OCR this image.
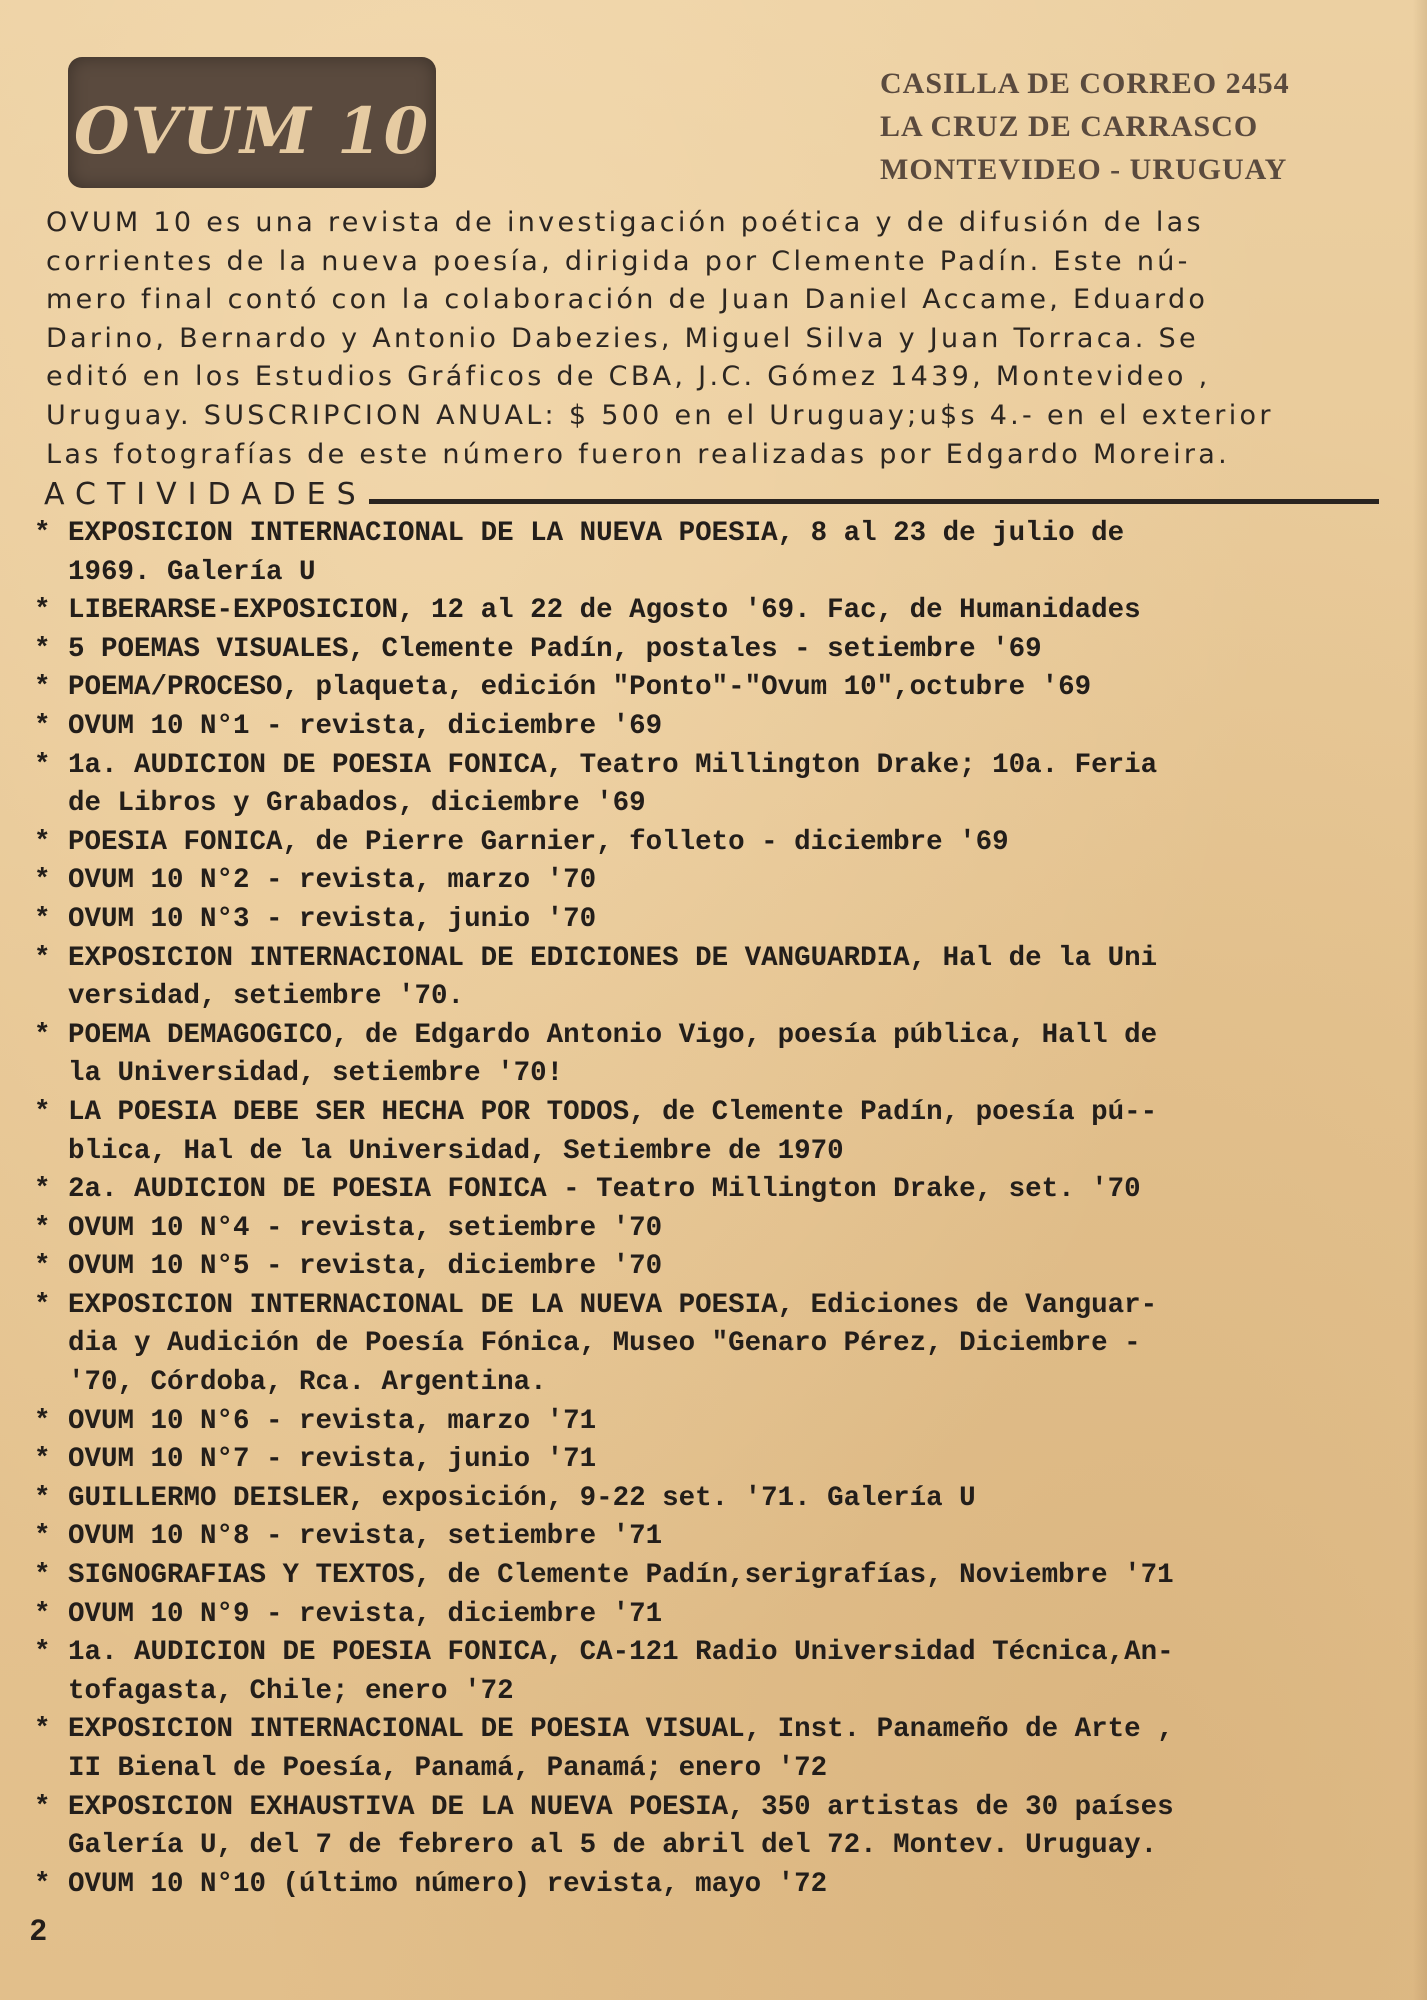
OVUM 10
CASILLA DE CORREO 2454
LA CRUZ DE CARRASCO
MONTEVIDEO - URUGUAY
OVUM 10 es una revista de investigación poética y de difusión de las
corrientes de la nueva poesía, dirigida por Clemente Padín. Este nú-
mero final contó con la colaboración de Juan Daniel Accame, Eduardo
Darino, Bernardo y Antonio Dabezies, Miguel Silva y Juan Torraca. Se
editó en los Estudios Gráficos de CBA, J.C. Gómez 1439, Montevideo ,
Uruguay. SUSCRIPCION ANUAL: $ 500 en el Uruguay;u$s 4.- en el exterior
Las fotografías de este número fueron realizadas por Edgardo Moreira.
ACTIVIDADES
* EXPOSICION INTERNACIONAL DE LA NUEVA POESIA, 8 al 23 de julio de
1969. Galería U
* LIBERARSE-EXPOSICION, 12 al 22 de Agosto '69. Fac, de Humanidades
* 5 POEMAS VISUALES, Clemente Padín, postales - setiembre '69
* POEMA/PROCESO, plaqueta, edición "Ponto"-"Ovum 10",octubre '69
* OVUM 10 N°1 - revista, diciembre '69
* 1a. AUDICION DE POESIA FONICA, Teatro Millington Drake; 10a. Feria
de Libros y Grabados, diciembre '69
* POESIA FONICA, de Pierre Garnier, folleto - diciembre '69
* OVUM 10 N°2 - revista, marzo '70
* OVUM 10 N°3 - revista, junio '70
* EXPOSICION INTERNACIONAL DE EDICIONES DE VANGUARDIA, Hal de la Uni
versidad, setiembre '70.
* POEMA DEMAGOGICO, de Edgardo Antonio Vigo, poesía pública, Hall de
la Universidad, setiembre '70!
* LA POESIA DEBE SER HECHA POR TODOS, de Clemente Padín, poesía pú--
blica, Hal de la Universidad, Setiembre de 1970
* 2a. AUDICION DE POESIA FONICA - Teatro Millington Drake, set. '70
* OVUM 10 N°4 - revista, setiembre '70
* OVUM 10 N°5 - revista, diciembre '70
* EXPOSICION INTERNACIONAL DE LA NUEVA POESIA, Ediciones de Vanguar-
dia y Audición de Poesía Fónica, Museo "Genaro Pérez, Diciembre -
'70, Córdoba, Rca. Argentina.
* OVUM 10 N°6 - revista, marzo '71
* OVUM 10 N°7 - revista, junio '71
* GUILLERMO DEISLER, exposición, 9-22 set. '71. Galería U
* OVUM 10 N°8 - revista, setiembre '71
* SIGNOGRAFIAS Y TEXTOS, de Clemente Padín,serigrafías, Noviembre '71
* OVUM 10 N°9 - revista, diciembre '71
* 1a. AUDICION DE POESIA FONICA, CA-121 Radio Universidad Técnica,An-
tofagasta, Chile; enero '72
* EXPOSICION INTERNACIONAL DE POESIA VISUAL, Inst. Panameño de Arte ,
II Bienal de Poesía, Panamá, Panamá; enero '72
* EXPOSICION EXHAUSTIVA DE LA NUEVA POESIA, 350 artistas de 30 países
Galería U, del 7 de febrero al 5 de abril del 72. Montev. Uruguay.
* OVUM 10 N°10 (último número) revista, mayo '72
2
